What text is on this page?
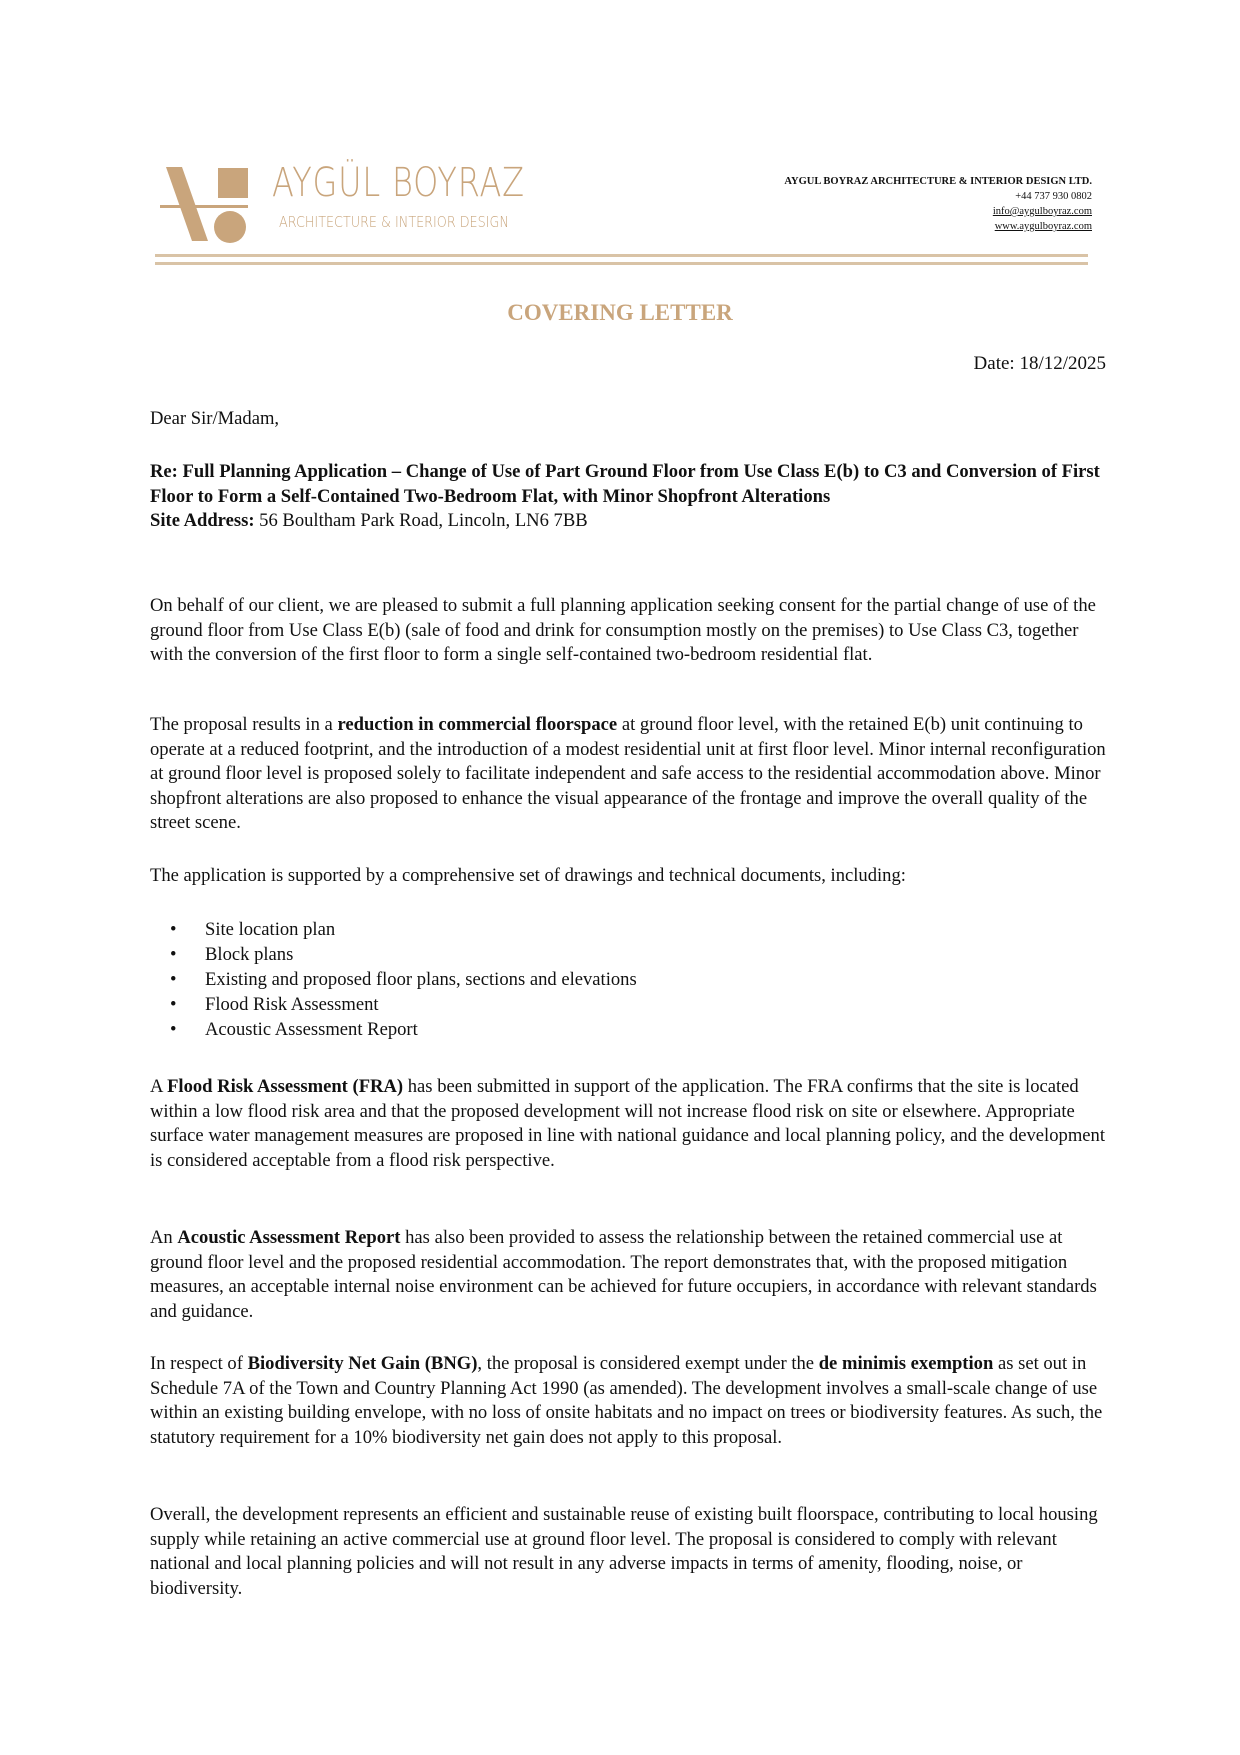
AYGÜL BOYRAZ
ARCHITECTURE & INTERIOR DESIGN
AYGUL BOYRAZ ARCHITECTURE & INTERIOR DESIGN LTD.
+44 737 930 0802
info@aygulboyraz.com
www.aygulboyraz.com
COVERING LETTER
Date: 18/12/2025
Dear Sir/Madam,

Re: Full Planning Application – Change of Use of Part Ground Floor from Use Class E(b) to C3 and Conversion of First Floor to Form a Self-Contained Two-Bedroom Flat, with Minor Shopfront Alterations

Site Address: 56 Boultham Park Road, Lincoln, LN6 7BB

On behalf of our client, we are pleased to submit a full planning application seeking consent for the partial change of use of the ground floor from Use Class E(b) (sale of food and drink for consumption mostly on the premises) to Use Class C3, together with the conversion of the first floor to form a single self-contained two-bedroom residential flat.

The proposal results in a reduction in commercial floorspace at ground floor level, with the retained E(b) unit continuing to operate at a reduced footprint, and the introduction of a modest residential unit at first floor level. Minor internal reconfiguration at ground floor level is proposed solely to facilitate independent and safe access to the residential accommodation above. Minor shopfront alterations are also proposed to enhance the visual appearance of the frontage and improve the overall quality of the street scene.

The application is supported by a comprehensive set of drawings and technical documents, including:

• Site location plan
• Block plans
• Existing and proposed floor plans, sections and elevations
• Flood Risk Assessment
• Acoustic Assessment Report

A Flood Risk Assessment (FRA) has been submitted in support of the application. The FRA confirms that the site is located within a low flood risk area and that the proposed development will not increase flood risk on site or elsewhere. Appropriate surface water management measures are proposed in line with national guidance and local planning policy, and the development is considered acceptable from a flood risk perspective.

An Acoustic Assessment Report has also been provided to assess the relationship between the retained commercial use at ground floor level and the proposed residential accommodation. The report demonstrates that, with the proposed mitigation measures, an acceptable internal noise environment can be achieved for future occupiers, in accordance with relevant standards and guidance.

In respect of Biodiversity Net Gain (BNG), the proposal is considered exempt under the de minimis exemption as set out in Schedule 7A of the Town and Country Planning Act 1990 (as amended). The development involves a small-scale change of use within an existing building envelope, with no loss of onsite habitats and no impact on trees or biodiversity features. As such, the statutory requirement for a 10% biodiversity net gain does not apply to this proposal.

Overall, the development represents an efficient and sustainable reuse of existing built floorspace, contributing to local housing supply while retaining an active commercial use at ground floor level. The proposal is considered to comply with relevant national and local planning policies and will not result in any adverse impacts in terms of amenity, flooding, noise, or biodiversity.
